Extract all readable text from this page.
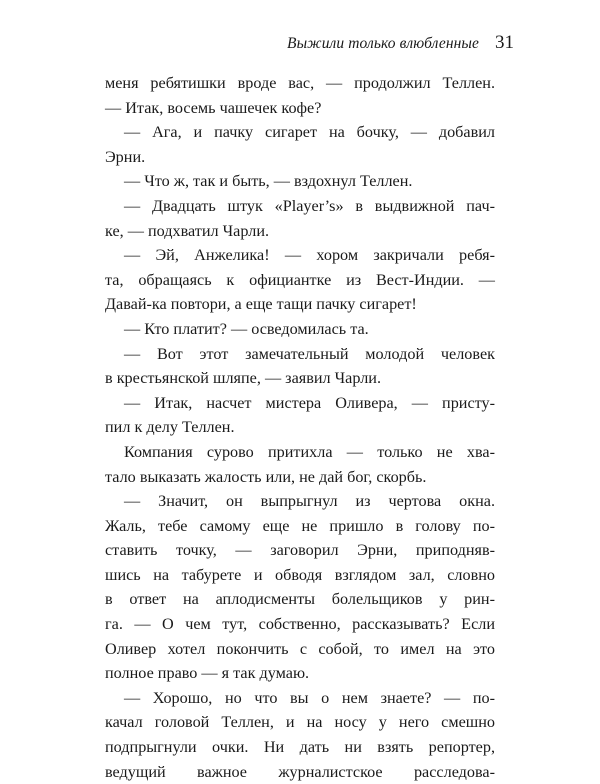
Выжили только влюбленные 31
меня ребятишки вроде вас, — продолжил Теллен.
— Итак, восемь чашечек кофе?
— Ага, и пачку сигарет на бочку, — добавил
Эрни.
— Что ж, так и быть, — вздохнул Теллен.
— Двадцать штук «Player’s» в выдвижной пач-
ке, — подхватил Чарли.
— Эй, Анжелика! — хором закричали ребя-
та, обращаясь к официантке из Вест-Индии. —
Давай-ка повтори, а еще тащи пачку сигарет!
— Кто платит? — осведомилась та.
— Вот этот замечательный молодой человек
в крестьянской шляпе, — заявил Чарли.
— Итак, насчет мистера Оливера, — присту-
пил к делу Теллен.
Компания сурово притихла — только не хва-
тало выказать жалость или, не дай бог, скорбь.
— Значит, он выпрыгнул из чертова окна.
Жаль, тебе самому еще не пришло в голову по-
ставить точку, — заговорил Эрни, приподняв-
шись на табурете и обводя взглядом зал, словно
в ответ на аплодисменты болельщиков у рин-
га. — О чем тут, собственно, рассказывать? Если
Оливер хотел покончить с собой, то имел на это
полное право — я так думаю.
— Хорошо, но что вы о нем знаете? — по-
качал головой Теллен, и на носу у него смешно
подпрыгнули очки. Ни дать ни взять репортер,
ведущий важное журналистское расследова-
